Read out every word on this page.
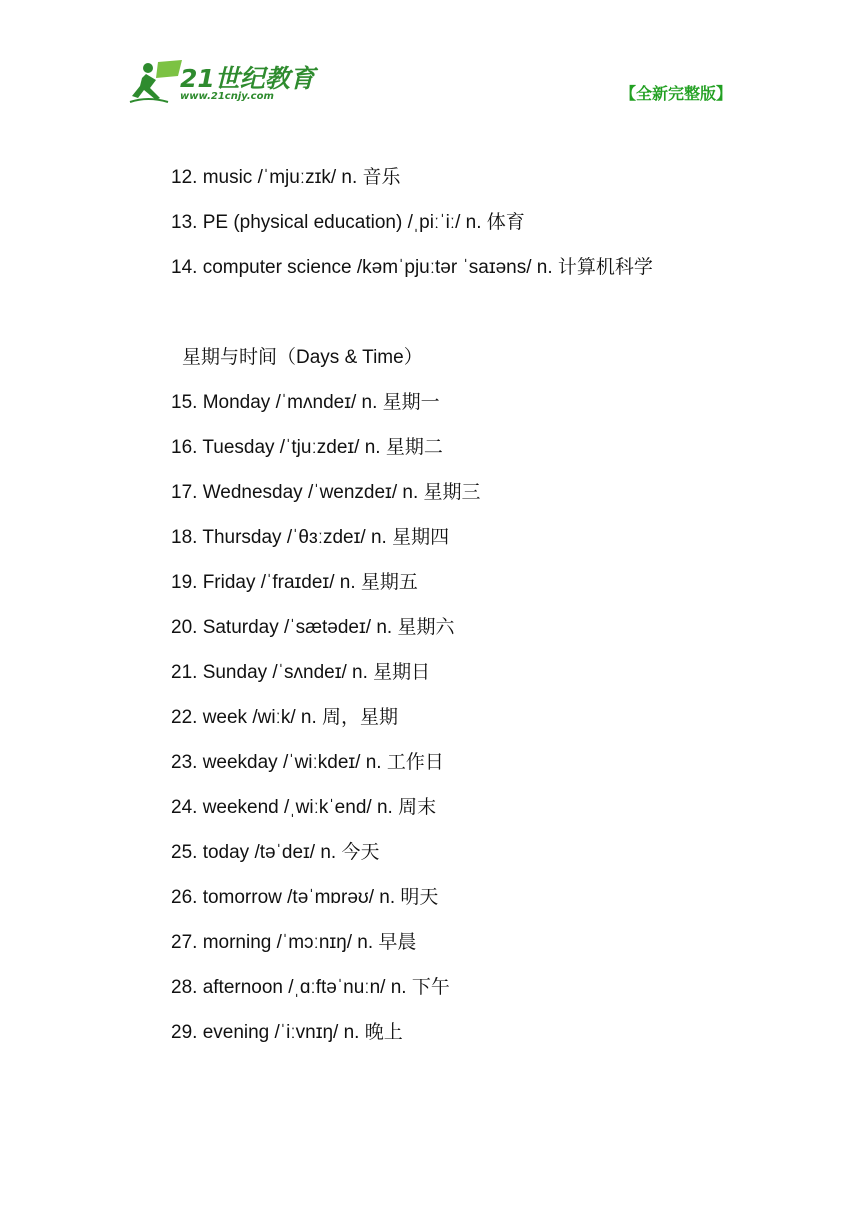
21世纪教育
www.21cnjy.com	【全新完整版】
12. music /ˈmjuːzɪk/ n. 音乐
13. PE (physical education) /ˌpiːˈiː/ n. 体育
14. computer science /kəmˈpjuːtər ˈsaɪəns/ n. 计算机科学
星期与时间（Days & Time）
15. Monday /ˈmʌndeɪ/ n. 星期一
16. Tuesday /ˈtjuːzdeɪ/ n. 星期二
17. Wednesday /ˈwenzdeɪ/ n. 星期三
18. Thursday /ˈθɜːzdeɪ/ n. 星期四
19. Friday /ˈfraɪdeɪ/ n. 星期五
20. Saturday /ˈsætədeɪ/ n. 星期六
21. Sunday /ˈsʌndeɪ/ n. 星期日
22. week /wiːk/ n. 周，星期
23. weekday /ˈwiːkdeɪ/ n. 工作日
24. weekend /ˌwiːkˈend/ n. 周末
25. today /təˈdeɪ/ n. 今天
26. tomorrow /təˈmɒrəʊ/ n. 明天
27. morning /ˈmɔːnɪŋ/ n. 早晨
28. afternoon /ˌɑːftəˈnuːn/ n. 下午
29. evening /ˈiːvnɪŋ/ n. 晚上
